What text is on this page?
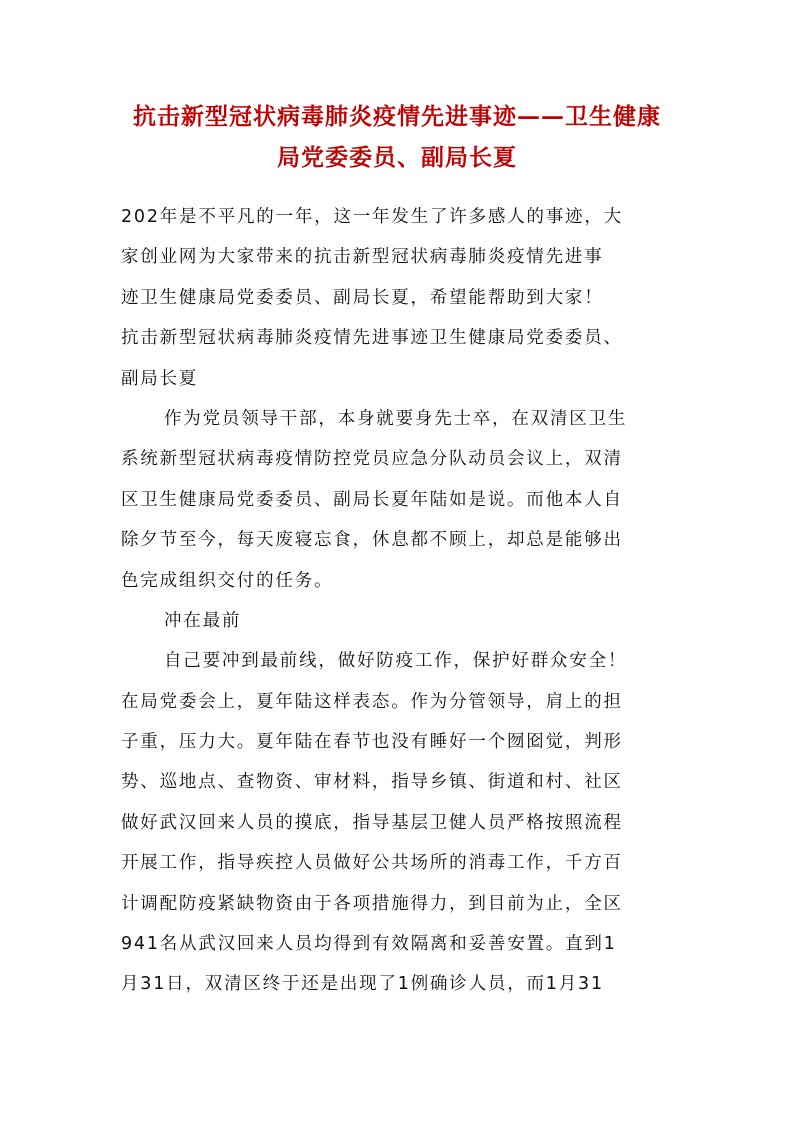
抗击新型冠状病毒肺炎疫情先进事迹——卫生健康
局党委委员、副局长夏
202年是不平凡的一年，这一年发生了许多感人的事迹，大
家创业网为大家带来的抗击新型冠状病毒肺炎疫情先进事
迹卫生健康局党委委员、副局长夏，希望能帮助到大家！
抗击新型冠状病毒肺炎疫情先进事迹卫生健康局党委委员、
副局长夏
作为党员领导干部，本身就要身先士卒，在双清区卫生
系统新型冠状病毒疫情防控党员应急分队动员会议上，双清
区卫生健康局党委委员、副局长夏年陆如是说。而他本人自
除夕节至今，每天废寝忘食，休息都不顾上，却总是能够出
色完成组织交付的任务。
冲在最前
自己要冲到最前线，做好防疫工作，保护好群众安全！
在局党委会上，夏年陆这样表态。作为分管领导，肩上的担
子重，压力大。夏年陆在春节也没有睡好一个囫囵觉，判形
势、巡地点、查物资、审材料，指导乡镇、街道和村、社区
做好武汉回来人员的摸底，指导基层卫健人员严格按照流程
开展工作，指导疾控人员做好公共场所的消毒工作，千方百
计调配防疫紧缺物资由于各项措施得力，到目前为止，全区
941名从武汉回来人员均得到有效隔离和妥善安置。直到1
月31日，双清区终于还是出现了1例确诊人员，而1月31
